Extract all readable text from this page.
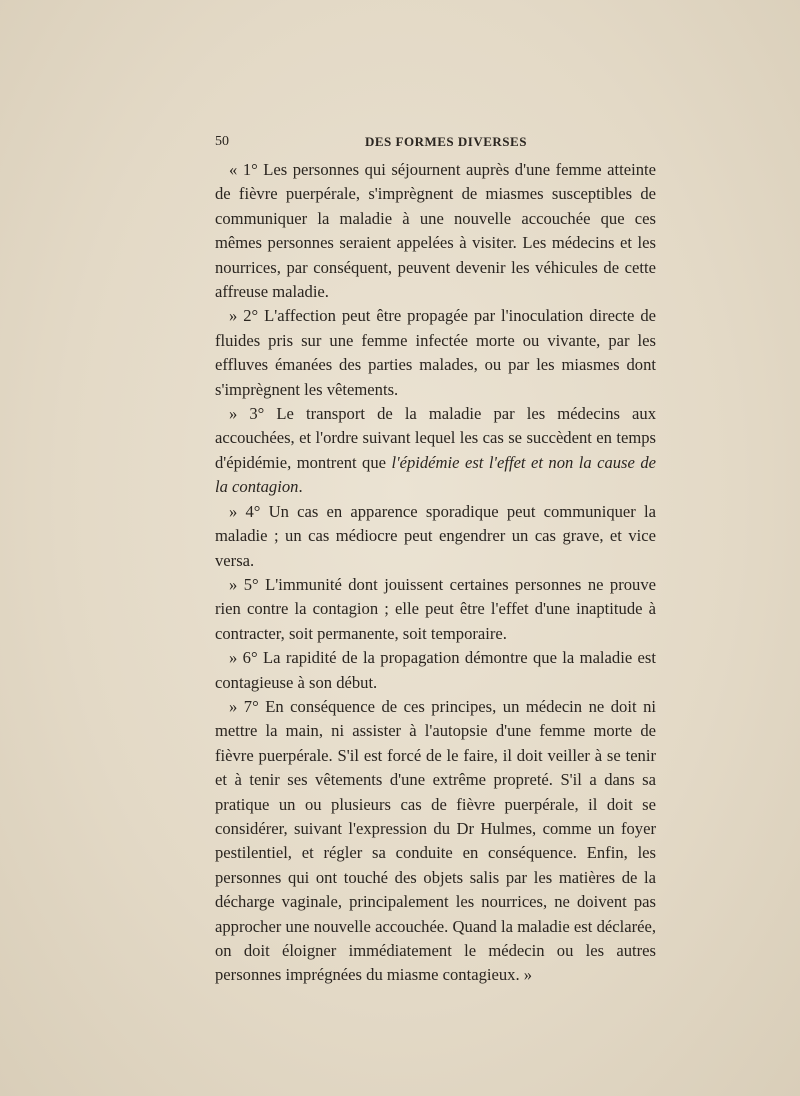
50	DES FORMES DIVERSES

« 1° Les personnes qui séjournent auprès d'une femme atteinte de fièvre puerpérale, s'imprègnent de miasmes susceptibles de communiquer la maladie à une nouvelle accouchée que ces mêmes personnes seraient appelées à visiter. Les médecins et les nourrices, par conséquent, peuvent devenir les véhicules de cette affreuse maladie.

» 2° L'affection peut être propagée par l'inoculation directe de fluides pris sur une femme infectée morte ou vivante, par les effluves émanées des parties malades, ou par les miasmes dont s'imprègnent les vêtements.

» 3° Le transport de la maladie par les médecins aux accouchées, et l'ordre suivant lequel les cas se succèdent en temps d'épidémie, montrent que l'épidémie est l'effet et non la cause de la contagion.

» 4° Un cas en apparence sporadique peut communiquer la maladie ; un cas médiocre peut engendrer un cas grave, et vice versa.

» 5° L'immunité dont jouissent certaines personnes ne prouve rien contre la contagion ; elle peut être l'effet d'une inaptitude à contracter, soit permanente, soit temporaire.

» 6° La rapidité de la propagation démontre que la maladie est contagieuse à son début.

» 7° En conséquence de ces principes, un médecin ne doit ni mettre la main, ni assister à l'autopsie d'une femme morte de fièvre puerpérale. S'il est forcé de le faire, il doit veiller à se tenir et à tenir ses vêtements d'une extrême propreté. S'il a dans sa pratique un ou plusieurs cas de fièvre puerpérale, il doit se considérer, suivant l'expression du Dr Hulmes, comme un foyer pestilentiel, et régler sa conduite en conséquence. Enfin, les personnes qui ont touché des objets salis par les matières de la décharge vaginale, principalement les nourrices, ne doivent pas approcher une nouvelle accouchée. Quand la maladie est déclarée, on doit éloigner immédiatement le médecin ou les autres personnes imprégnées du miasme contagieux. »
